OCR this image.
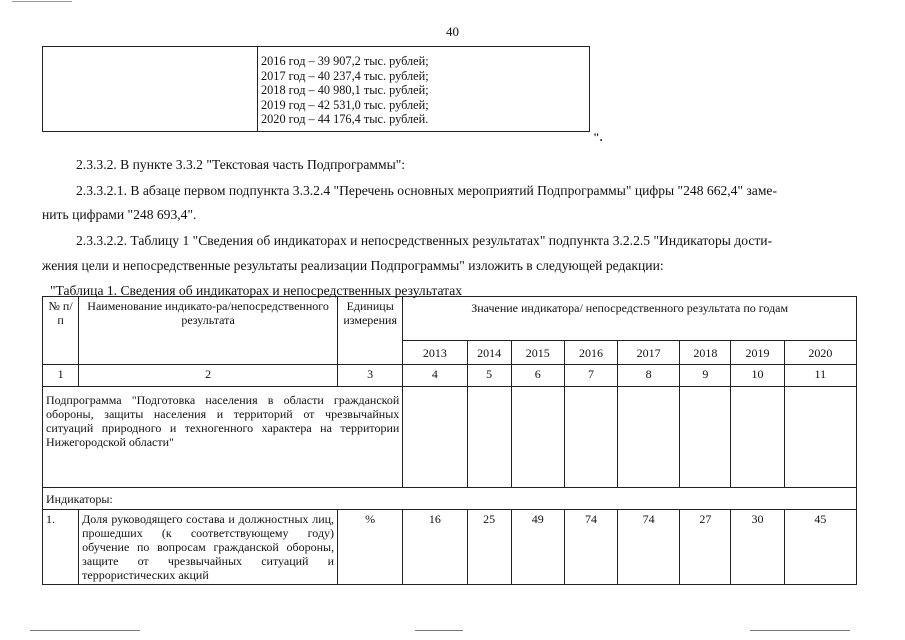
40
2016 год – 39 907,2 тыс. рублей;
2017 год – 40 237,4 тыс. рублей;
2018 год – 40 980,1 тыс. рублей;
2019 год – 42 531,0 тыс. рублей;
2020 год – 44 176,4 тыс. рублей.
".
2.3.3.2. В пункте 3.3.2 "Текстовая часть Подпрограммы":
2.3.3.2.1. В абзаце первом подпункта 3.3.2.4 "Перечень основных мероприятий Подпрограммы" цифры "248 662,4" заме-
нить цифрами "248 693,4".
2.3.3.2.2. Таблицу 1 "Сведения об индикаторах и непосредственных результатах" подпункта 3.2.2.5 "Индикаторы дости-
жения цели и непосредственные результаты реализации Подпрограммы" изложить в следующей редакции:
"Таблица 1. Сведения об индикаторах и непосредственных результатах
№ п/п	Наименование индикато-ра/непосредственного результата	Единицы измерения	Значение индикатора/ непосредственного результата по годам							
			2013	2014	2015	2016	2017	2018	2019	2020
1	2	3	4	5	6	7	8	9	10	11
Подпрограмма "Подготовка населения в области гражданской обороны, защиты населения и территорий от чрезвычайных ситуаций природного и техногенного характера на территории Нижегородской области"										
Индикаторы:										
1.	Доля руководящего состава и должностных лиц, прошедших (к соответствующему году) обучение по вопросам гражданской обороны, защите от чрезвычайных ситуаций и террористических акций	%	16	25	49	74	74	27	30	45
